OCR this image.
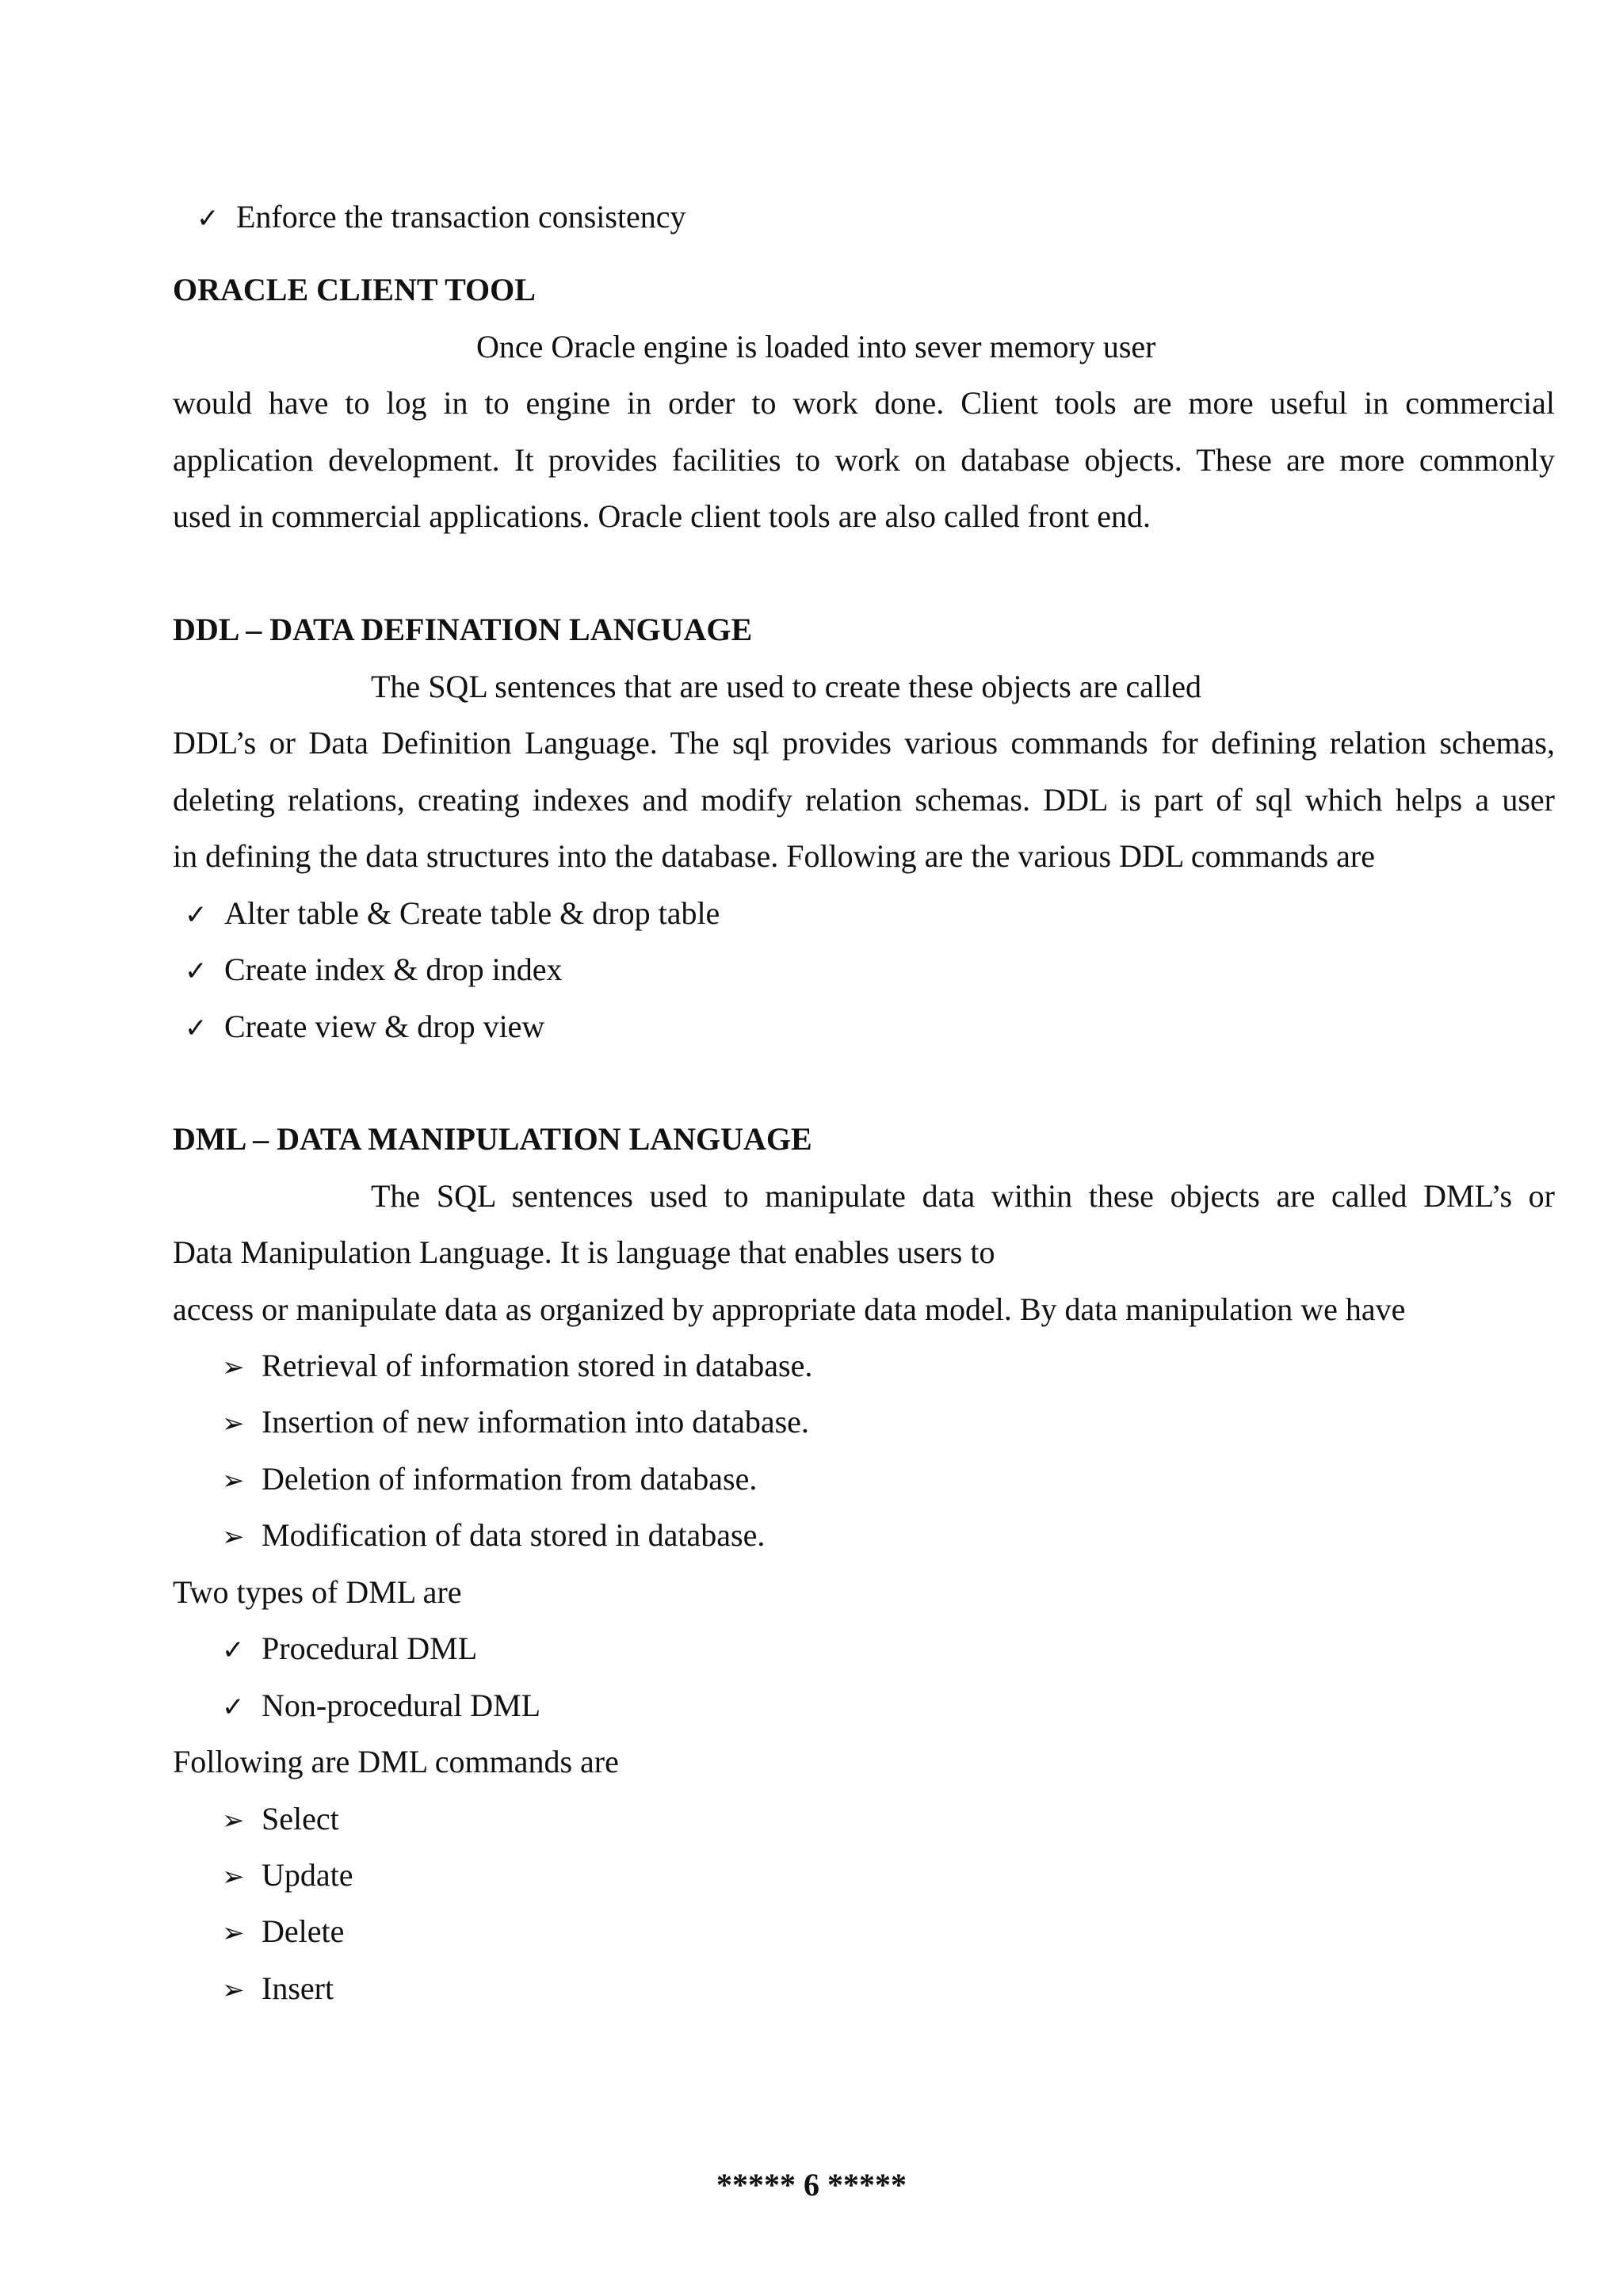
✓ Enforce the transaction consistency
ORACLE CLIENT TOOL
Once Oracle engine is loaded into sever memory user
would have to log in to engine in order to work done. Client tools are more useful in commercial
application development. It provides facilities to work on database objects. These are more commonly
used in commercial applications. Oracle client tools are also called front end.
DDL – DATA DEFINATION LANGUAGE
The SQL sentences that are used to create these objects are called
DDL’s or Data Definition Language. The sql provides various commands for defining relation schemas,
deleting relations, creating indexes and modify relation schemas. DDL is part of sql which helps a user
in defining the data structures into the database. Following are the various DDL commands are
✓ Alter table & Create table & drop table
✓ Create index & drop index
✓ Create view & drop view
DML – DATA MANIPULATION LANGUAGE
The SQL sentences used to manipulate data within these objects are called DML’s or
Data Manipulation Language. It is language that enables users to
access or manipulate data as organized by appropriate data model. By data manipulation we have
➢ Retrieval of information stored in database.
➢ Insertion of new information into database.
➢ Deletion of information from database.
➢ Modification of data stored in database.
Two types of DML are
✓ Procedural DML
✓ Non-procedural DML
Following are DML commands are
➢ Select
➢ Update
➢ Delete
➢ Insert
***** 6 *****
